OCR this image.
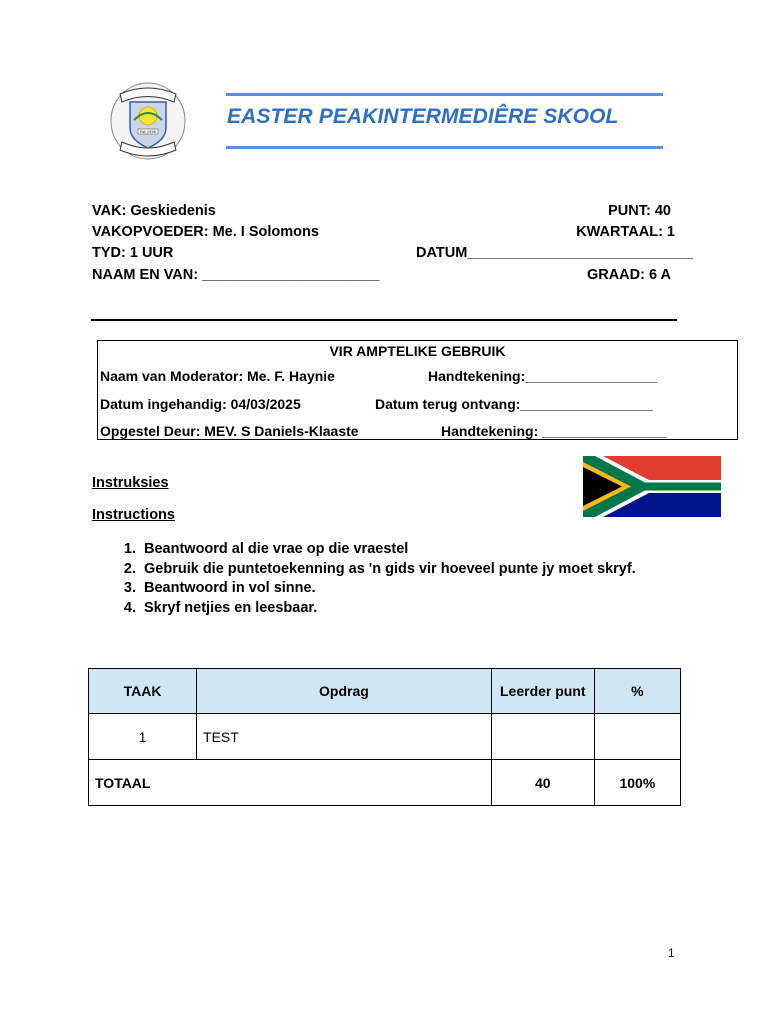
Est 1956
EASTER PEAKINTERMEDIÊRE SKOOL
VAK: Geskiedenis	PUNT: 40
VAKOPVOEDER: Me. I Solomons	KWARTAAL: 1
TYD: 1 UUR	DATUM____________________________
NAAM EN VAN: ______________________	GRAAD: 6 A
VIR AMPTELIKE GEBRUIK
Naam van Moderator: Me. F. Haynie	Handtekening:_________________
Datum ingehandig: 04/03/2025	Datum terug ontvang:_________________
Opgestel Deur: MEV. S Daniels-Klaaste	Handtekening: ________________
Instruksies
Instructions
1. Beantwoord al die vrae op die vraestel
2. Gebruik die puntetoekenning as 'n gids vir hoeveel punte jy moet skryf.
3. Beantwoord in vol sinne.
4. Skryf netjies en leesbaar.
TAAK	Opdrag	Leerder punt	%
1	TEST		
TOTAAL		40	100%
1
